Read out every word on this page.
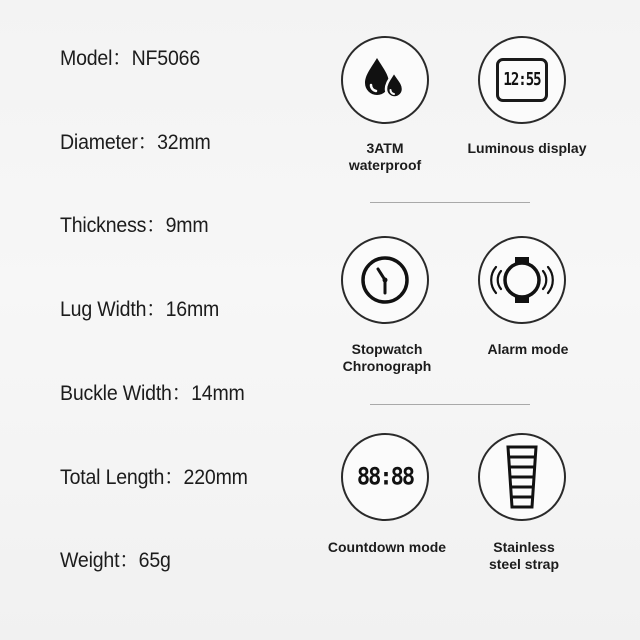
Model：NF5066
Diameter：32mm
Thickness：9mm
Lug Width：16mm
Buckle Width：14mm
Total Length：220mm
Weight：65g
3ATM
waterproof
12:55
Luminous display
Stopwatch
Chronograph
Alarm mode
88:88
Countdown mode	Stainless
steel strap
